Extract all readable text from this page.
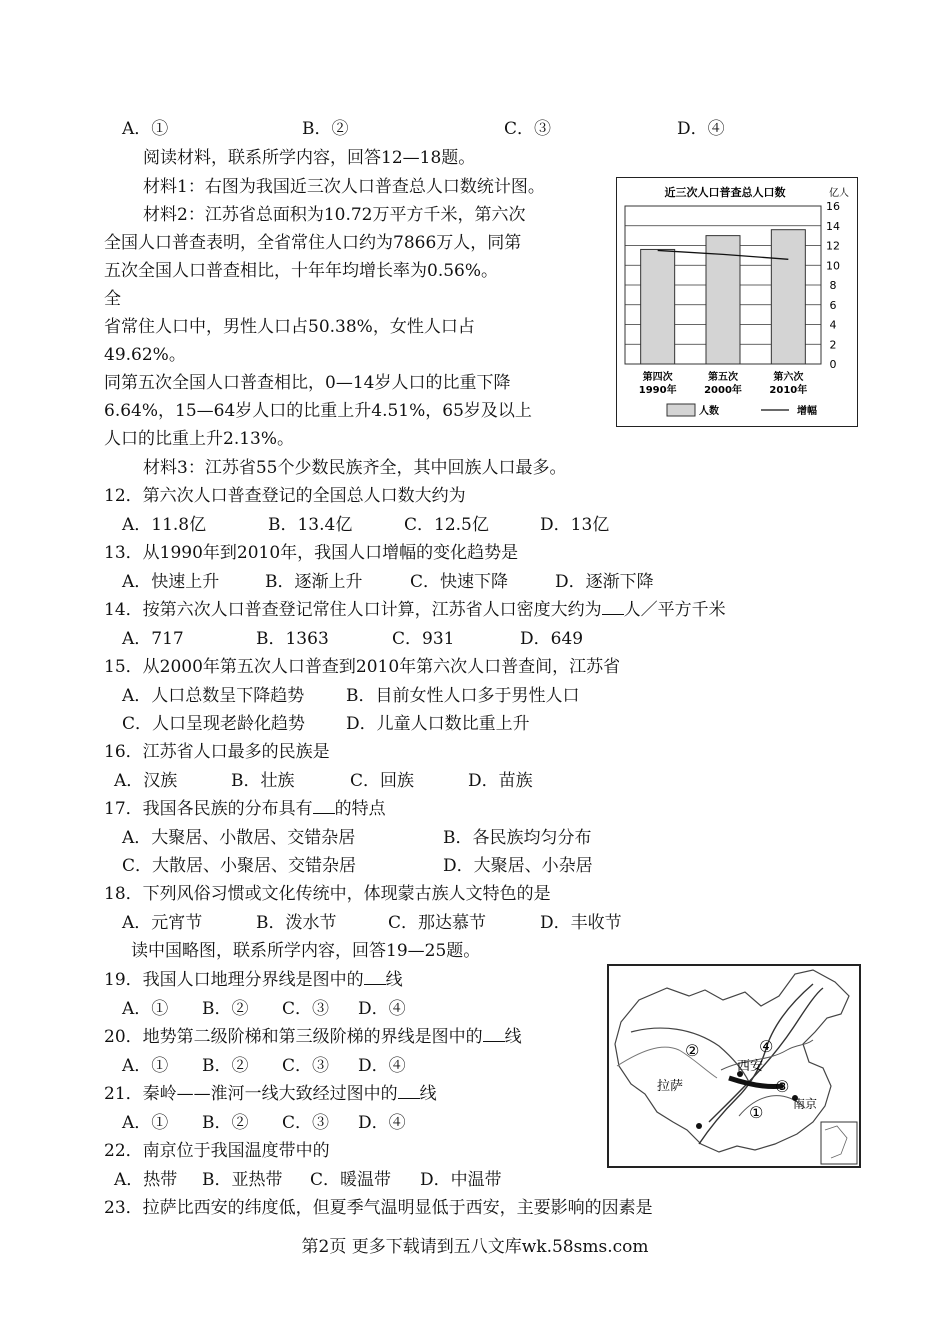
A．①	B．②	C．③	D．④
阅读材料，联系所学内容，回答12—18题。
材料1：右图为我国近三次人口普查总人口数统计图。
材料2：江苏省总面积为10.72万平方千米，第六次
全国人口普查表明，全省常住人口约为7866万人，同第
五次全国人口普查相比，十年年均增长率为0.56%。
全
省常住人口中，男性人口占50.38%，女性人口占
49.62%。
同第五次全国人口普查相比，0—14岁人口的比重下降
6.64%，15—64岁人口的比重上升4.51%，65岁及以上
人口的比重上升2.13%。
材料3：江苏省55个少数民族齐全，其中回族人口最多。
近三次人口普查总人口数	亿人
16
14
12
10
8
6
4
2
0
第四次
1990年
第五次
2000年
第六次
2010年
人数	增幅
12．第六次人口普查登记的全国总人口数大约为
A．11.8亿	B．13.4亿	C．12.5亿	D．13亿
13．从1990年到2010年，我国人口增幅的变化趋势是
A．快速上升	B．逐渐上升	C．快速下降	D．逐渐下降
14．按第六次人口普查登记常住人口计算，江苏省人口密度大约为 人／平方千米
A．717	B．1363	C．931	D．649
15．从2000年第五次人口普查到2010年第六次人口普查间，江苏省
A．人口总数呈下降趋势 B．目前女性人口多于男性人口
C．人口呈现老龄化趋势 D．儿童人口数比重上升
16．江苏省人口最多的民族是
A．汉族	B．壮族	C．回族	D．苗族
17．我国各民族的分布具有 的特点
A．大聚居、小散居、交错杂居	B．各民族均匀分布
C．大散居、小聚居、交错杂居	D．大聚居、小杂居
18．下列风俗习惯或文化传统中，体现蒙古族人文特色的是
A．元宵节	B．泼水节	C．那达慕节	D．丰收节
读中国略图，联系所学内容，回答19—25题。
19．我国人口地理分界线是图中的 线
A．① B．② C．③ D．④
20．地势第二级阶梯和第三级阶梯的界线是图中的 线
A．① B．② C．③ D．④
21．秦岭——淮河一线大致经过图中的 线
A．① B．② C．③ D．④
22．南京位于我国温度带中的
A．热带 B．亚热带 C．暖温带 D．中温带
23．拉萨比西安的纬度低，但夏季气温明显低于西安，主要影响的因素是
拉萨
西安
南京
②	④
③
①
第2页 更多下载请到五八文库wk.58sms.com
